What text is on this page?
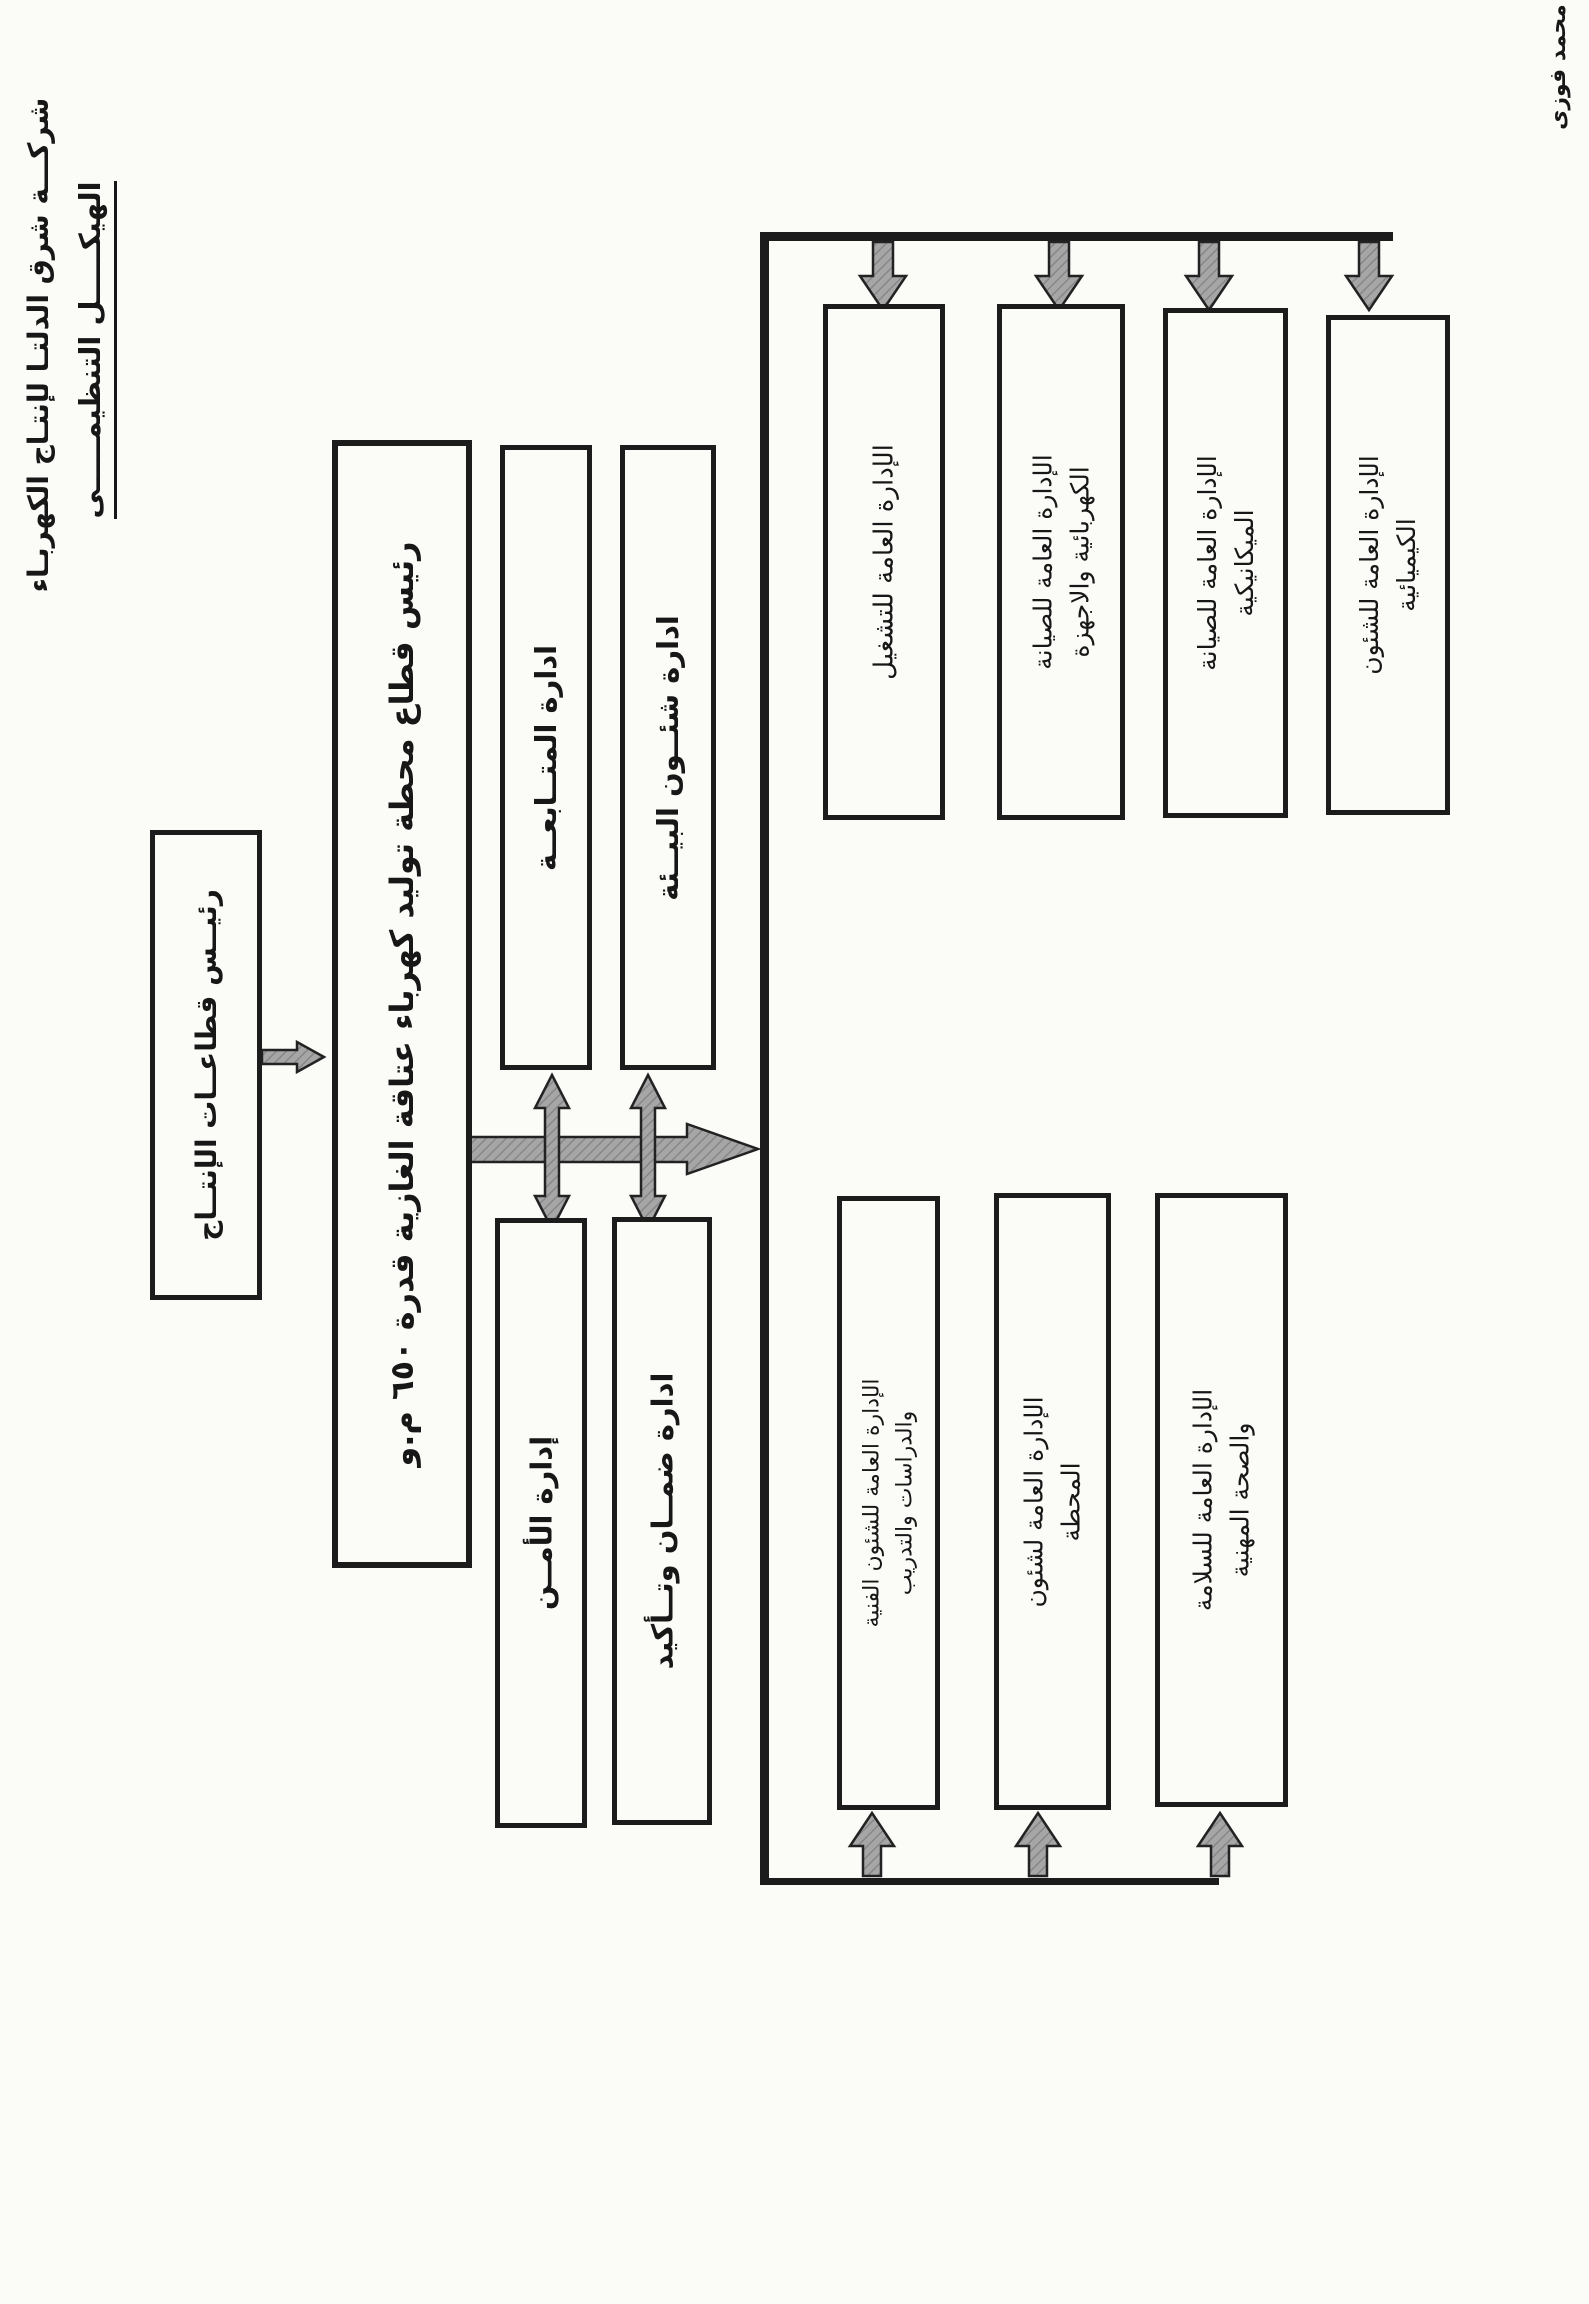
شركـــة شرق الدلتـا لإنتـاج الكهربـاء الهيكـــــل التنظيمـــــى
محمد فوزى
رئيــس قطاعــات الإنتــاج
رئيس قطاع محطة توليد كهرباء عتاقة الغازية قدرة ٦٥٠ م.و	ادارة المتــابعــة	ادارة شئــون البيــئة
إدارة الأمــن	ادارة ضمــان وتــأكيد
الإدارة العامة للتشغيل	الإدارة العامة للصيانة الكهربائية والاجهزة	الإدارة العامة للصيانة الميكانيكية	الإدارة العامة للشئون الكيميائية
الإدارة العامة للشئون الفنية والدراسات والتدريب	الإدارة العامة لشئون المحطة	الإدارة العامة للسلامة والصحة المهنية
